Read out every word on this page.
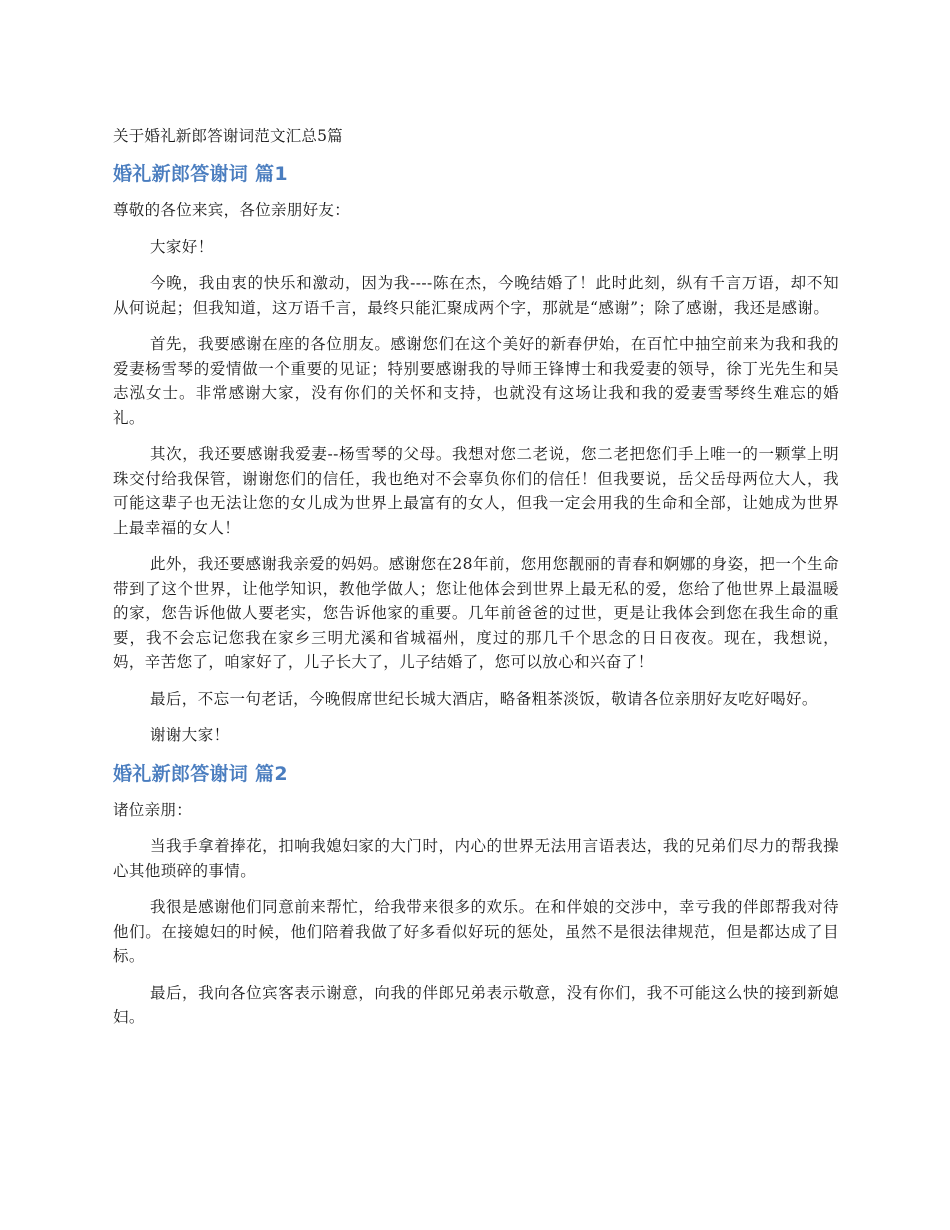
关于婚礼新郎答谢词范文汇总5篇
婚礼新郎答谢词 篇1
尊敬的各位来宾，各位亲朋好友：

大家好！

今晚，我由衷的快乐和激动，因为我----陈在杰，今晚结婚了！此时此刻，纵有千言万语，却不知从何说起；但我知道，这万语千言，最终只能汇聚成两个字，那就是“感谢”；除了感谢，我还是感谢。

首先，我要感谢在座的各位朋友。感谢您们在这个美好的新春伊始，在百忙中抽空前来为我和我的爱妻杨雪琴的爱情做一个重要的见证；特别要感谢我的导师王锋博士和我爱妻的领导，徐丁光先生和吴志泓女士。非常感谢大家，没有你们的关怀和支持，也就没有这场让我和我的爱妻雪琴终生难忘的婚礼。

其次，我还要感谢我爱妻--杨雪琴的父母。我想对您二老说，您二老把您们手上唯一的一颗掌上明珠交付给我保管，谢谢您们的信任，我也绝对不会辜负你们的信任！但我要说，岳父岳母两位大人，我可能这辈子也无法让您的女儿成为世界上最富有的女人，但我一定会用我的生命和全部，让她成为世界上最幸福的女人！

此外，我还要感谢我亲爱的妈妈。感谢您在28年前，您用您靓丽的青春和婀娜的身姿，把一个生命带到了这个世界，让他学知识，教他学做人；您让他体会到世界上最无私的爱，您给了他世界上最温暖的家，您告诉他做人要老实，您告诉他家的重要。几年前爸爸的过世，更是让我体会到您在我生命的重要，我不会忘记您我在家乡三明尤溪和省城福州，度过的那几千个思念的日日夜夜。现在，我想说，妈，辛苦您了，咱家好了，儿子长大了，儿子结婚了，您可以放心和兴奋了！

最后，不忘一句老话，今晚假席世纪长城大酒店，略备粗茶淡饭，敬请各位亲朋好友吃好喝好。

谢谢大家！

婚礼新郎答谢词 篇2
诸位亲朋：

当我手拿着捧花，扣响我媳妇家的大门时，内心的世界无法用言语表达，我的兄弟们尽力的帮我操心其他琐碎的事情。

我很是感谢他们同意前来帮忙，给我带来很多的欢乐。在和伴娘的交涉中，幸亏我的伴郎帮我对待他们。在接媳妇的时候，他们陪着我做了好多看似好玩的惩处，虽然不是很法律规范，但是都达成了目标。

最后，我向各位宾客表示谢意，向我的伴郎兄弟表示敬意，没有你们，我不可能这么快的接到新媳妇。
